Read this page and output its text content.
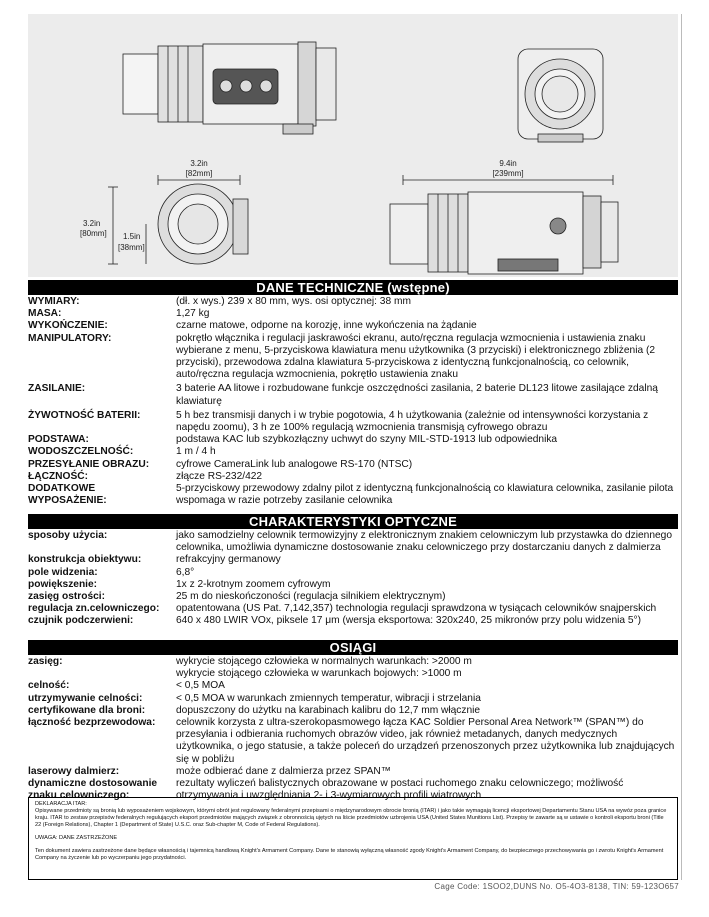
3.2in
[82mm]
3.2in
[80mm] 1.5in
[38mm]
9.4in
[239mm]
DANE TECHNICZNE (wstępne)
WYMIARY:	(dł. x wys.) 239 x 80 mm, wys. osi optycznej: 38 mm
MASA:	1,27 kg
WYKOŃCZENIE:	czarne matowe, odporne na korozję, inne wykończenia na żądanie
MANIPULATORY:	pokrętło włącznika i regulacji jaskrawości ekranu, auto/ręczna regulacja wzmocnienia i ustawienia znaku wybierane z menu, 5-przyciskowa klawiatura menu użytkownika (3 przyciski) i elektronicznego zbliżenia (2 przyciski), przewodowa zdalna klawiatura 5-przyciskowa z identyczną funkcjonalnością, co celownik, auto/ręczna regulacja wzmocnienia, pokrętło ustawienia znaku
ZASILANIE:	3 baterie AA litowe i rozbudowane funkcje oszczędności zasilania, 2 baterie DL123 litowe zasilające zdalną klawiaturę
ŻYWOTNOŚĆ BATERII:	5 h bez transmisji danych i w trybie pogotowia, 4 h użytkowania (zależnie od intensywności korzystania z napędu zoomu), 3 h ze 100% regulacją wzmocnienia transmisją cyfrowego obrazu
PODSTAWA:	podstawa KAC lub szybkozłączny uchwyt do szyny MIL-STD-1913 lub odpowiednika
WODOSZCZELNOŚĆ:	1 m / 4 h
PRZESYŁANIE OBRAZU:	cyfrowe CameraLink lub analogowe RS-170 (NTSC)
ŁĄCZNOŚĆ:	złącze RS-232/422
DODATKOWE WYPOSAŻENIE:
5-przyciskowy przewodowy zdalny pilot z identyczną funkcjonalnością co klawiatura celownika, zasilanie pilota wspomaga w razie potrzeby zasilanie celownika
CHARAKTERYSTYKI OPTYCZNE
sposoby użycia:	jako samodzielny celownik termowizyjny z elektronicznym znakiem celowniczym lub przystawka do dziennego celownika, umożliwia dynamiczne dostosowanie znaku celowniczego przy dostarczaniu danych z dalmierza
konstrukcja obiektywu:	refrakcyjny germanowy
pole widzenia:	6,8°
powiększenie:	1x z 2-krotnym zoomem cyfrowym
zasięg ostrości:	25 m do nieskończoności (regulacja silnikiem elektrycznym)
regulacja zn.celowniczego:	opatentowana (US Pat. 7,142,357) technologia regulacji sprawdzona w tysiącach celowników snajperskich
czujnik podczerwieni:	640 x 480 LWIR VOx, piksele 17 μm (wersja eksportowa: 320x240, 25 mikronów przy polu widzenia 5°)
OSIĄGI
zasięg:	wykrycie stojącego człowieka w normalnych warunkach: >2000 m
wykrycie stojącego człowieka w warunkach bojowych: >1000 m
celność:	< 0,5 MOA
utrzymywanie celności:	< 0,5 MOA w warunkach zmiennych temperatur, wibracji i strzelania
certyfikowane dla broni:	dopuszczony do użytku na karabinach kalibru do 12,7 mm włącznie
łączność bezprzewodowa:	celownik korzysta z ultra-szerokopasmowego łącza KAC Soldier Personal Area Network™ (SPAN™) do przesyłania i odbierania ruchomych obrazów video, jak również metadanych, danych medycznych użytkownika, o jego statusie, a także poleceń do urządzeń przenoszonych przez użytkownika lub znajdujących się w pobliżu
laserowy dalmierz:	może odbierać dane z dalmierza przez SPAN™
dynamiczne dostosowanie znaku celowniczego:
rezultaty wyliczeń balistycznych obrazowane w postaci ruchomego znaku celowniczego; możliwość otrzymywania i uwzględniania 2- i 3-wymiarowych profili wiatrowych

DEKLARACJA ITAR:

Opisywane przedmioty są bronią lub wyposażeniem wojskowym, którymi obrót jest regulowany federalnymi przepisami o międzynarodowym obrocie bronią (ITAR) i jako takie wymagają licencji eksportowej Departamentu Stanu USA na wywóz poza granice kraju. ITAR to zestaw przepisów federalnych regulujących eksport przedmiotów mających związek z obronnością ujętych na liście przedmiotów uzbrojenia USA (United States Munitions List). Przepisy te zawarte są w ustawie o kontroli eksportu broni (Title 22 (Foreign Relations), Chapter 1 (Department of State) U.S.C. oraz Sub-chapter M, Code of Federal Regulations).

UWAGA: DANE ZASTRZEŻONE

Ten dokument zawiera zastrzeżone dane będące własnością i tajemnicą handlową Knight's Armament Company. Dane te stanowią wyłączną własność zgody Knight's Armament Company, do bezpiecznego przechowywania go i zwrotu Knight's Armament Company na życzenie lub po wyczerpaniu jego przydatności.

Cage Code: 1SOO2,DUNS No. O5-4O3-8138, TIN: 59-123O657
